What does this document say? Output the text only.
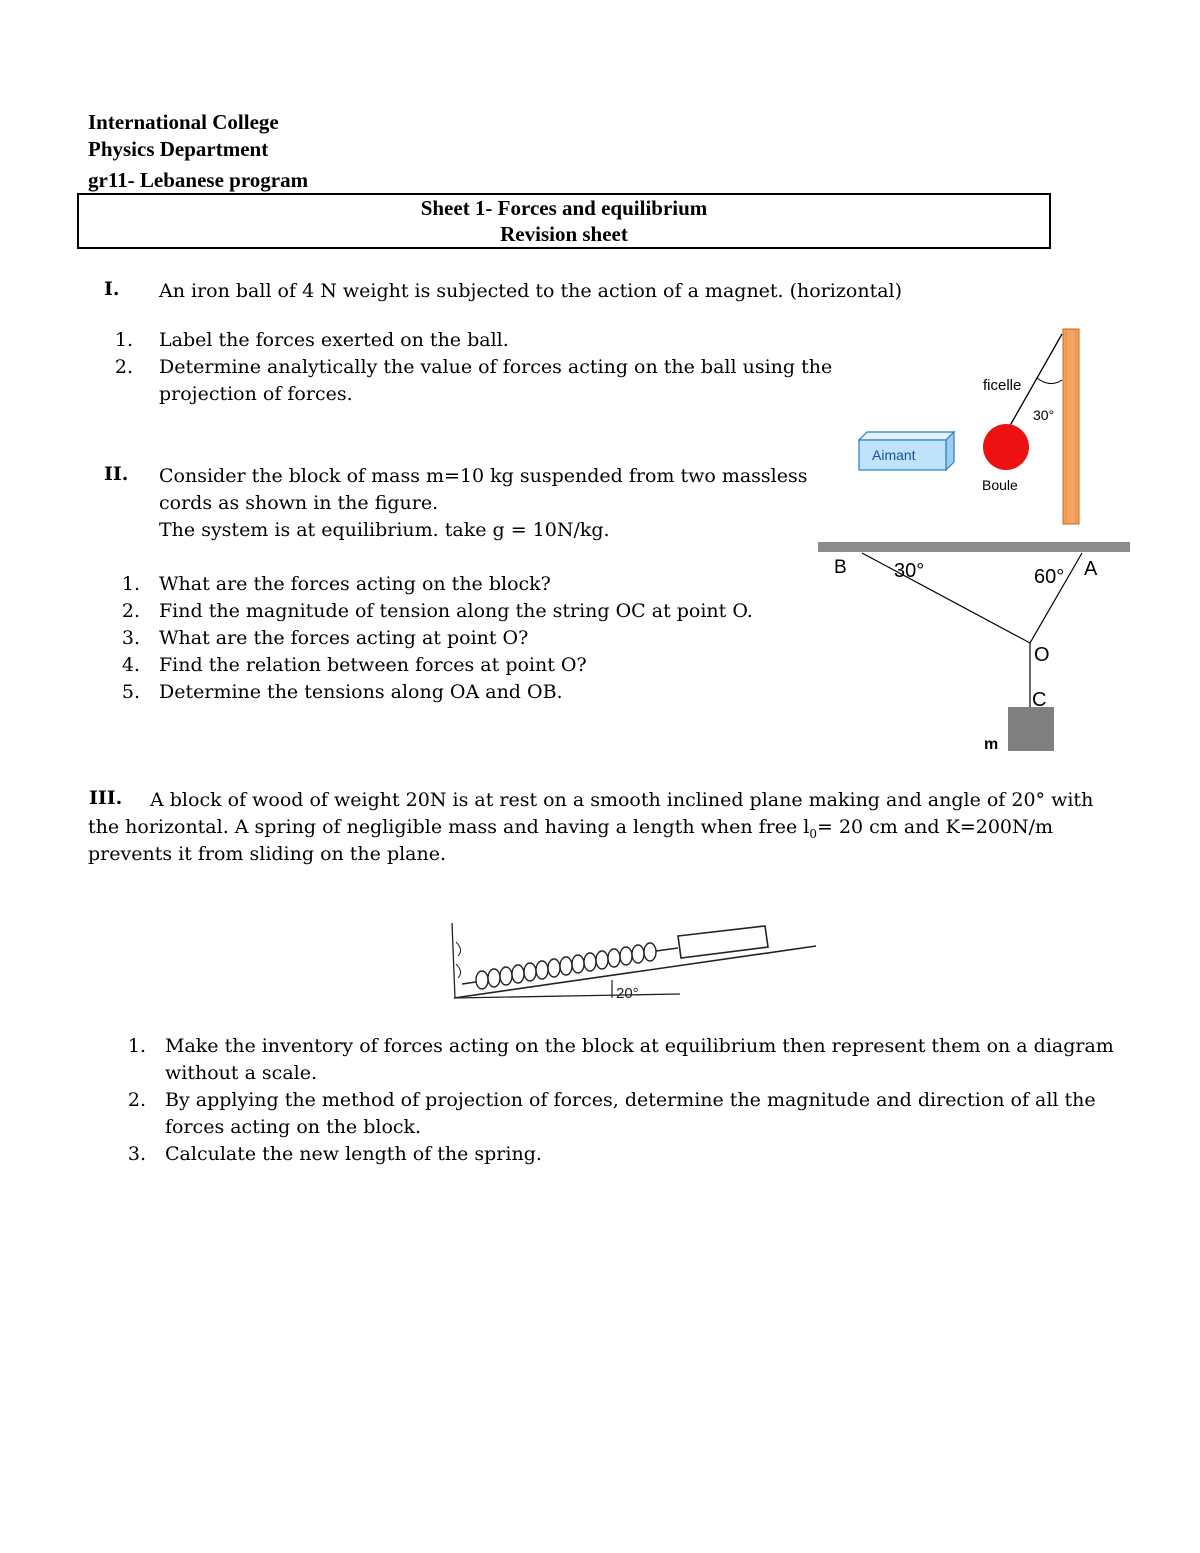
International College
Physics Department
gr11- Lebanese program
Sheet 1- Forces and equilibrium
Revision sheet
I. An iron ball of 4 N weight is subjected to the action of a magnet. (horizontal)
1. Label the forces exerted on the ball.
2. Determine analytically the value of forces acting on the ball using the
projection of forces.
30°
ficelle
Boule
Aimant
II. Consider the block of mass m=10 kg suspended from two massless
cords as shown in the figure.
The system is at equilibrium. take g = 10N/kg.
1. What are the forces acting on the block?
2. Find the magnitude of tension along the string OC at point O.
3. What are the forces acting at point O?
4. Find the relation between forces at point O?
5. Determine the tensions along OA and OB.
B 30°	60° A
O
C
m
III. A block of wood of weight 20N is at rest on a smooth inclined plane making and angle of 20° with
the horizontal. A spring of negligible mass and having a length when free $l_0= 20$ cm and K=200N/m
prevents it from sliding on the plane.
20°
1. Make the inventory of forces acting on the block at equilibrium then represent them on a diagram
without a scale.
2. By applying the method of projection of forces, determine the magnitude and direction of all the
forces acting on the block.
3. Calculate the new length of the spring.
